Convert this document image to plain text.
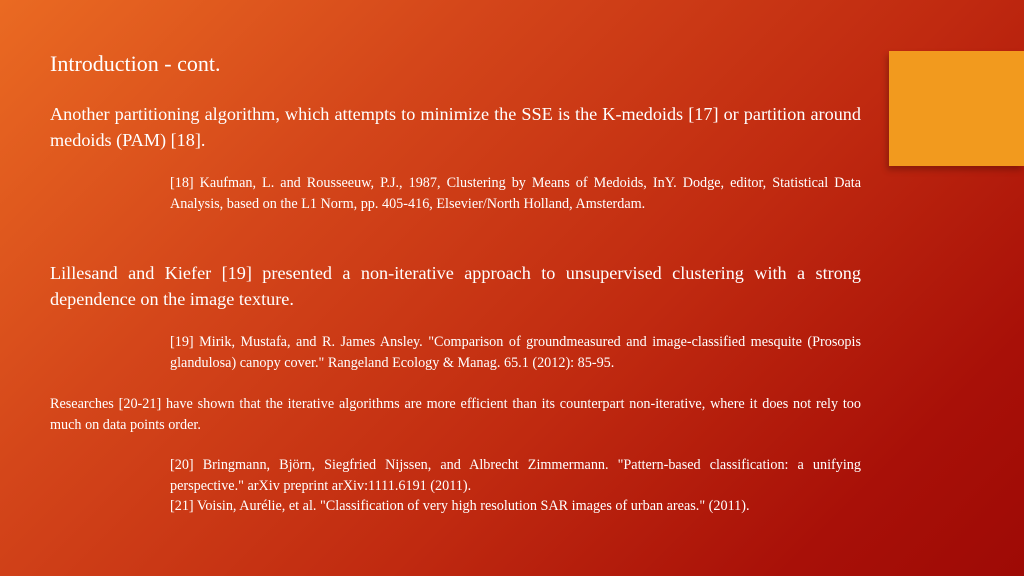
Introduction - cont.
Another partitioning algorithm, which attempts to minimize the SSE is the K-medoids [17] or partition around medoids (PAM) [18].
[18] Kaufman, L. and Rousseeuw, P.J., 1987, Clustering by Means of Medoids, InY. Dodge, editor, Statistical Data Analysis, based on the L1 Norm, pp. 405-416, Elsevier/North Holland, Amsterdam.
Lillesand and Kiefer [19] presented a non-iterative approach to unsupervised clustering with a strong dependence on the image texture.
[19] Mirik, Mustafa, and R. James Ansley. "Comparison of groundmeasured and image-classified mesquite (Prosopis glandulosa) canopy cover." Rangeland Ecology & Manag. 65.1 (2012): 85-95.
Researches [20-21] have shown that the iterative algorithms are more efficient than its counterpart non-iterative, where it does not rely too much on data points order.
[20] Bringmann, Björn, Siegfried Nijssen, and Albrecht Zimmermann. "Pattern-based classification: a unifying perspective." arXiv preprint arXiv:1111.6191 (2011).
[21] Voisin, Aurélie, et al. "Classification of very high resolution SAR images of urban areas." (2011).
